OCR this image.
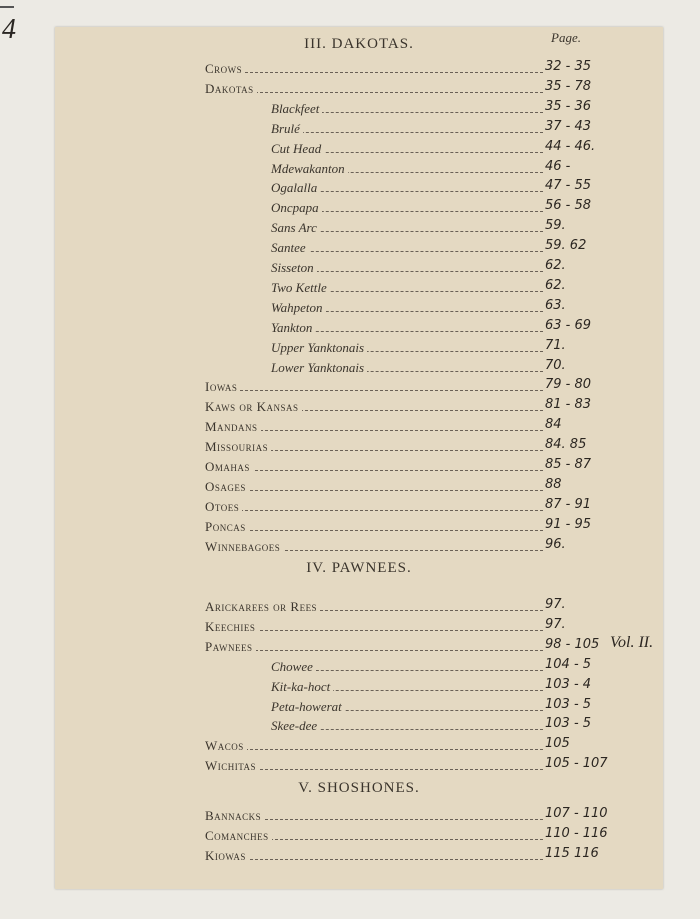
4	Page.
III. DAKOTAS.
Crows	32 - 35
Dakotas	35 - 78
Blackfeet	35 - 36
Brulé	37 - 43
Cut Head	44 - 46.
Mdewakanton	46 -
Ogalalla	47 - 55
Oncpapa	56 - 58
Sans Arc	59.
Santee	59. 62
Sisseton	62.
Two Kettle	62.
Wahpeton	63.
Yankton	63 - 69
Upper Yanktonais	71.
Lower Yanktonais	70.
Iowas	79 - 80
Kaws or Kansas	81 - 83
Mandans	84
Missourias	84. 85
Omahas	85 - 87
Osages	88
Otoes	87 - 91
Poncas	91 - 95
Winnebagoes	96.
IV. PAWNEES.
Arickarees or Rees	97.
Keechies	97.
Pawnees	98 - 105 Vol. II.
Chowee	104 - 5
Kit-ka-hoct	103 - 4
Peta-howerat	103 - 5
Skee-dee	103 - 5
Wacos	105
Wichitas	105 - 107
V. SHOSHONES.
Bannacks	107 - 110
Comanches	110 - 116
Kiowas	115 116
